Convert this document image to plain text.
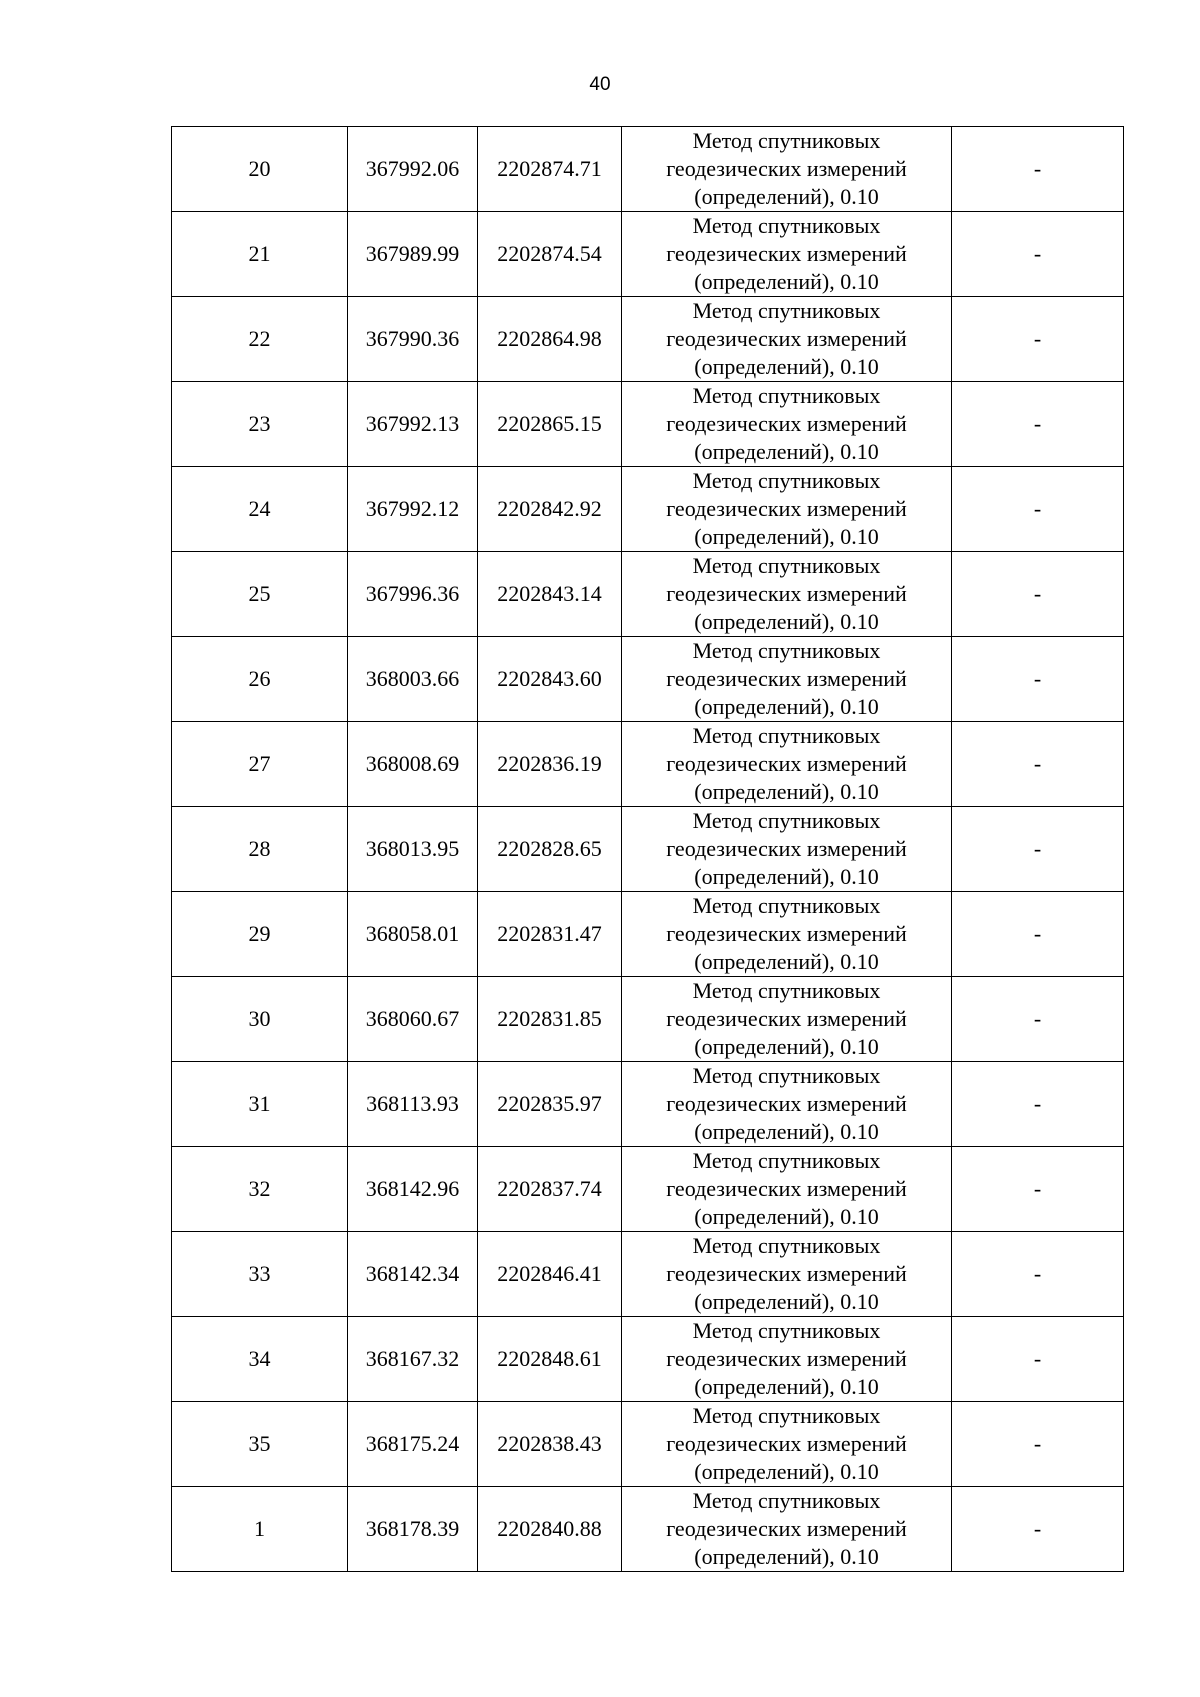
40
20	367992.06	2202874.71	Метод спутниковых
геодезических измерений
(определений), 0.10	-
21	367989.99	2202874.54	Метод спутниковых
геодезических измерений
(определений), 0.10	-
22	367990.36	2202864.98	Метод спутниковых
геодезических измерений
(определений), 0.10	-
23	367992.13	2202865.15	Метод спутниковых
геодезических измерений
(определений), 0.10	-
24	367992.12	2202842.92	Метод спутниковых
геодезических измерений
(определений), 0.10	-
25	367996.36	2202843.14	Метод спутниковых
геодезических измерений
(определений), 0.10	-
26	368003.66	2202843.60	Метод спутниковых
геодезических измерений
(определений), 0.10	-
27	368008.69	2202836.19	Метод спутниковых
геодезических измерений
(определений), 0.10	-
28	368013.95	2202828.65	Метод спутниковых
геодезических измерений
(определений), 0.10	-
29	368058.01	2202831.47	Метод спутниковых
геодезических измерений
(определений), 0.10	-
30	368060.67	2202831.85	Метод спутниковых
геодезических измерений
(определений), 0.10	-
31	368113.93	2202835.97	Метод спутниковых
геодезических измерений
(определений), 0.10	-
32	368142.96	2202837.74	Метод спутниковых
геодезических измерений
(определений), 0.10	-
33	368142.34	2202846.41	Метод спутниковых
геодезических измерений
(определений), 0.10	-
34	368167.32	2202848.61	Метод спутниковых
геодезических измерений
(определений), 0.10	-
35	368175.24	2202838.43	Метод спутниковых
геодезических измерений
(определений), 0.10	-
1	368178.39	2202840.88	Метод спутниковых
геодезических измерений
(определений), 0.10	-
